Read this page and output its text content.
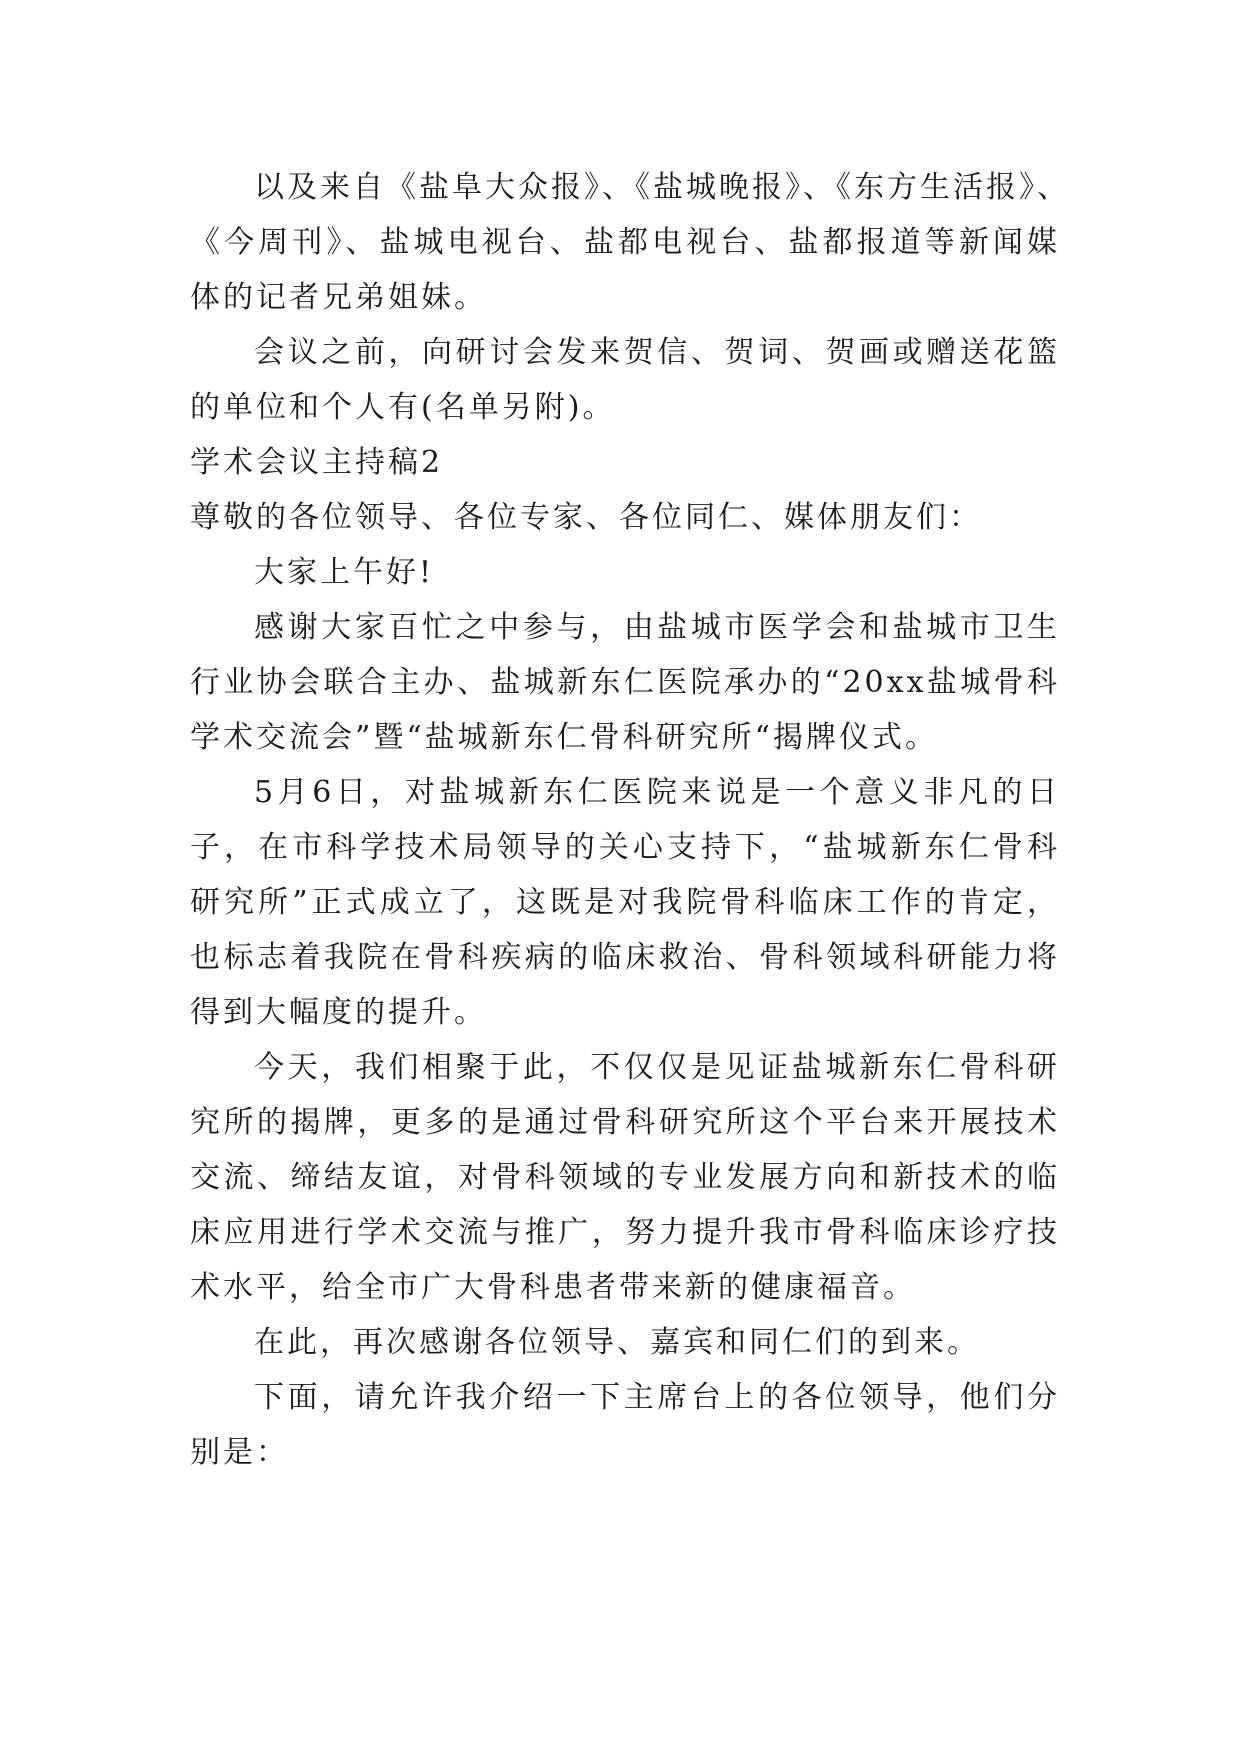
以及来自《盐阜大众报》、《盐城晚报》、《东方生活报》、
《今周刊》、盐城电视台、盐都电视台、盐都报道等新闻媒
体的记者兄弟姐妹。
会议之前，向研讨会发来贺信、贺词、贺画或赠送花篮
的单位和个人有(名单另附)。
学术会议主持稿2
尊敬的各位领导、各位专家、各位同仁、媒体朋友们：
大家上午好!
感谢大家百忙之中参与，由盐城市医学会和盐城市卫生
行业协会联合主办、盐城新东仁医院承办的“20xx盐城骨科
学术交流会”暨“盐城新东仁骨科研究所“揭牌仪式。
5月6日，对盐城新东仁医院来说是一个意义非凡的日
子，在市科学技术局领导的关心支持下，“盐城新东仁骨科
研究所”正式成立了，这既是对我院骨科临床工作的肯定，
也标志着我院在骨科疾病的临床救治、骨科领域科研能力将
得到大幅度的提升。
今天，我们相聚于此，不仅仅是见证盐城新东仁骨科研
究所的揭牌，更多的是通过骨科研究所这个平台来开展技术
交流、缔结友谊，对骨科领域的专业发展方向和新技术的临
床应用进行学术交流与推广，努力提升我市骨科临床诊疗技
术水平，给全市广大骨科患者带来新的健康福音。
在此，再次感谢各位领导、嘉宾和同仁们的到来。
下面，请允许我介绍一下主席台上的各位领导，他们分
别是：
